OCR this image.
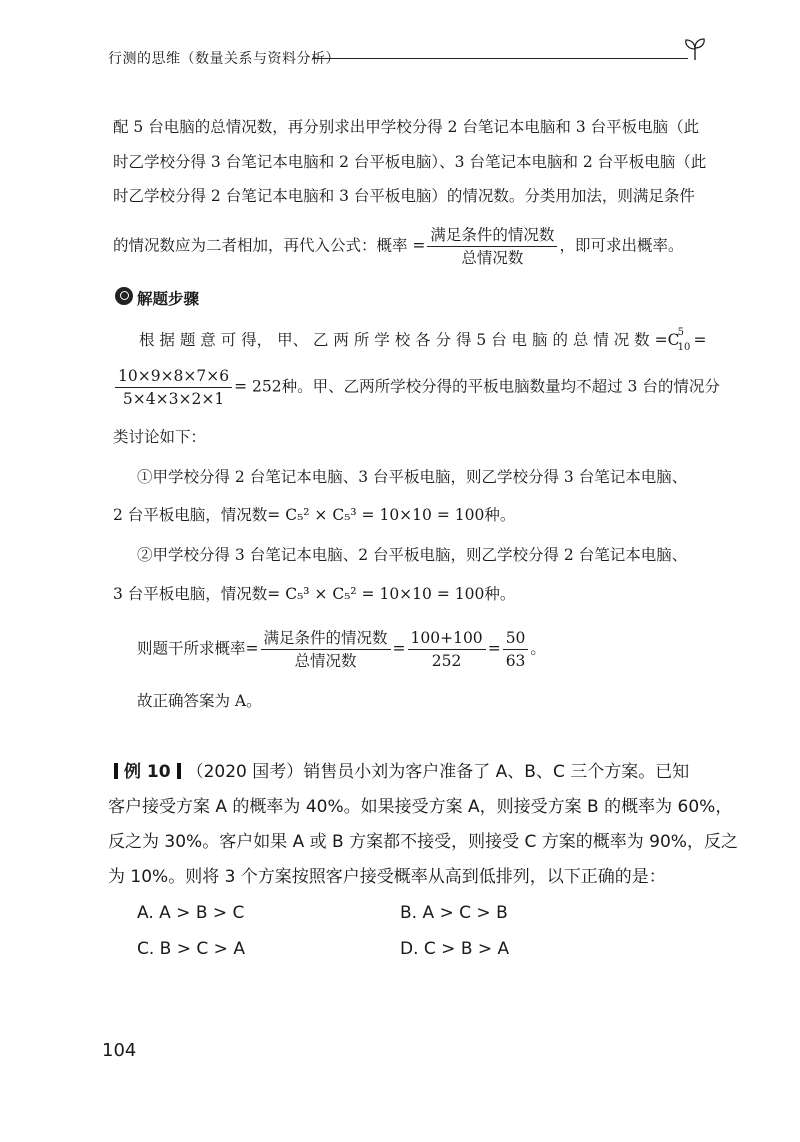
行测的思维（数量关系与资料分析）
配 5 台电脑的总情况数，再分别求出甲学校分得 2 台笔记本电脑和 3 台平板电脑（此
时乙学校分得 3 台笔记本电脑和 2 台平板电脑）、3 台笔记本电脑和 2 台平板电脑（此
时乙学校分得 2 台笔记本电脑和 3 台平板电脑）的情况数。分类用加法，则满足条件
的情况数应为二者相加，再代入公式：概率 = $\frac{\text{满足条件的情况数}}{\text{总情况数}}$ ，即可求出概率。
解题步骤
根 据 题 意 可 得， 甲、 乙 两 所 学 校 各 分 得 5 台 电 脑 的 总 情 况 数 =C
5
10 =
$\frac{10\times 9\times 8\times 7\times 6}{5\times 4\times 3\times 2\times 1} = 252$种。甲、乙两所学校分得的平板电脑数量均不超过 3 台的情况分
类讨论如下：
①甲学校分得 2 台笔记本电脑、3 台平板电脑，则乙学校分得 3 台笔记本电脑、
2 台平板电脑，情况数= C₅² × C₅³ = 10×10 = 100种。
②甲学校分得 3 台笔记本电脑、2 台平板电脑，则乙学校分得 2 台笔记本电脑、
3 台平板电脑，情况数= C₅³ × C₅² = 10×10 = 100种。
则题干所求概率= $\frac{\text{满足条件的情况数}}{\text{总情况数}} = \frac{100+100}{252} = \frac{50}{63}$ 。
故正确答案为 A。
例 10 （2020 国考）销售员小刘为客户准备了 A、B、C 三个方案。已知
客户接受方案 A 的概率为 40%。如果接受方案 A，则接受方案 B 的概率为 60%，
反之为 30%。客户如果 A 或 B 方案都不接受，则接受 C 方案的概率为 90%，反之
为 10%。则将 3 个方案按照客户接受概率从高到低排列，以下正确的是：
A. A > B > C	B. A > C > B
C. B > C > A	D. C > B > A
104
